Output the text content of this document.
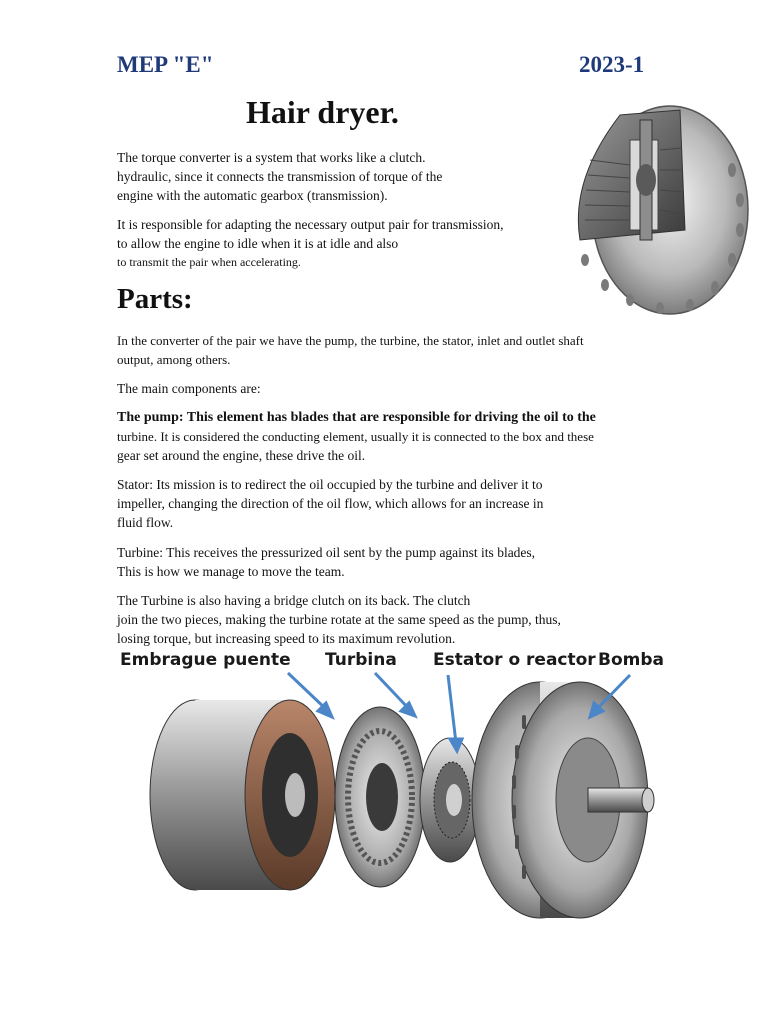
MEP "E"	2023-1
Hair dryer.
The torque converter is a system that works like a clutch.
hydraulic, since it connects the transmission of torque of the
engine with the automatic gearbox (transmission).
It is responsible for adapting the necessary output pair for transmission,
to allow the engine to idle when it is at idle and also
to transmit the pair when accelerating.
Parts:
In the converter of the pair we have the pump, the turbine, the stator, inlet and outlet shaft
output, among others.
The main components are:
The pump: This element has blades that are responsible for driving the oil to the
turbine. It is considered the conducting element, usually it is connected to the box and these
gear set around the engine, these drive the oil.
Stator: Its mission is to redirect the oil occupied by the turbine and deliver it to
impeller, changing the direction of the oil flow, which allows for an increase in
fluid flow.
Turbine: This receives the pressurized oil sent by the pump against its blades,
This is how we manage to move the team.
The Turbine is also having a bridge clutch on its back. The clutch
join the two pieces, making the turbine rotate at the same speed as the pump, thus,
losing torque, but increasing speed to its maximum revolution.
Embrague puente Turbina Estator o reactor Bomba
